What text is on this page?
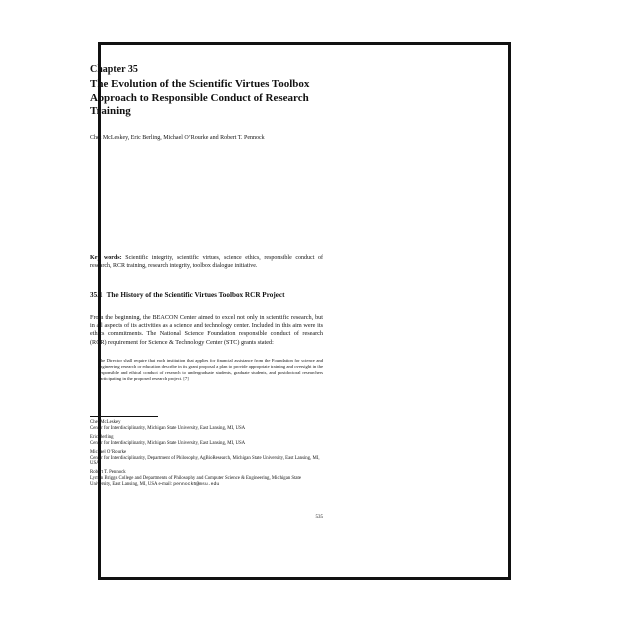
Chapter 35

The Evolution of the Scientific Virtues Toolbox
Approach to Responsible Conduct of Research
Training

Chet McLeskey, Eric Berling, Michael O’Rourke and Robert T. Pennock

Key words: Scientific integrity, scientific virtues, science ethics, responsible conduct of research, RCR training, research integrity, toolbox dialogue initiative.

35.1 The History of the Scientific Virtues Toolbox RCR Project

From the beginning, the BEACON Center aimed to excel not only in scientific research, but in all aspects of its activities as a science and technology center. Included in this aim were its ethics commitments. The National Science Foundation responsible conduct of research (RCR) requirement for Science & Technology Center (STC) grants stated:

The Director shall require that each institution that applies for financial assistance from the Foundation for science and engineering research or education describe in its grant proposal a plan to provide appropriate training and oversight in the responsible and ethical conduct of research to undergraduate students, graduate students, and postdoctoral researchers participating in the proposed research project. [7]

Chet McLeskey
Center for Interdisciplinarity, Michigan State University, East Lansing, MI, USA
Eric Berling
Center for Interdisciplinarity, Michigan State University, East Lansing, MI, USA
Michael O’Rourke
Center for Interdisciplinarity, Department of Philosophy, AgBioResearch, Michigan State University, East Lansing, MI, USA
Robert T. Pennock
Lyman Briggs College and Departments of Philosophy and Computer Science & Engineering, Michigan State University, East Lansing, MI, USA e-mail: pennock5@msu.edu

535
